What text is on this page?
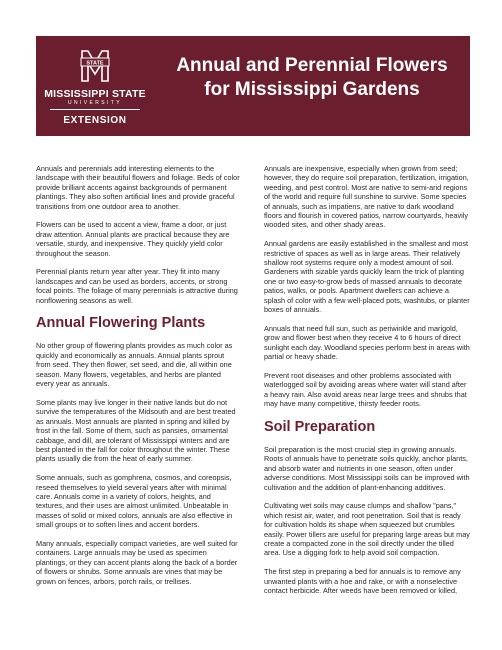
STATE
MISSISSIPPI STATE
UNIVERSITY
EXTENSION
Annual and Perennial Flowers
for Mississippi Gardens

Annuals and perennials add interesting elements to the landscape with their beautiful flowers and foliage. Beds of color provide brilliant accents against backgrounds of permanent plantings. They also soften artificial lines and provide graceful transitions from one outdoor area to another.

Flowers can be used to accent a view, frame a door, or just draw attention. Annual plants are practical because they are versatile, sturdy, and inexpensive. They quickly yield color throughout the season.

Perennial plants return year after year. They fit into many landscapes and can be used as borders, accents, or strong focal points. The foliage of many perennials is attractive during nonflowering seasons as well.

Annual Flowering Plants

No other group of flowering plants provides as much color as quickly and economically as annuals. Annual plants sprout from seed. They then flower, set seed, and die, all within one season. Many flowers, vegetables, and herbs are planted every year as annuals.

Some plants may live longer in their native lands but do not survive the temperatures of the Midsouth and are best treated as annuals. Most annuals are planted in spring and killed by frost in the fall. Some of them, such as pansies, ornamental cabbage, and dill, are tolerant of Mississippi winters and are best planted in the fall for color throughout the winter. These plants usually die from the heat of early summer.

Some annuals, such as gomphrena, cosmos, and coreopsis, reseed themselves to yield several years after with minimal care. Annuals come in a variety of colors, heights, and textures, and their uses are almost unlimited. Unbeatable in masses of solid or mixed colors, annuals are also effective in small groups or to soften lines and accent borders.

Many annuals, especially compact varieties, are well suited for containers. Large annuals may be used as specimen plantings, or they can accent plants along the back of a border of flowers or shrubs. Some annuals are vines that may be grown on fences, arbors, porch rails, or trellises.

Annuals are inexpensive, especially when grown from seed; however, they do require soil preparation, fertilization, irrigation, weeding, and pest control. Most are native to semi-arid regions of the world and require full sunshine to survive. Some species of annuals, such as impatiens, are native to dark woodland floors and flourish in covered patios, narrow courtyards, heavily wooded sites, and other shady areas.

Annual gardens are easily established in the smallest and most restrictive of spaces as well as in large areas. Their relatively shallow root systems require only a modest amount of soil. Gardeners with sizable yards quickly learn the trick of planting one or two easy-to-grow beds of massed annuals to decorate patios, walks, or pools. Apartment dwellers can achieve a splash of color with a few well-placed pots, washtubs, or planter boxes of annuals.

Annuals that need full sun, such as periwinkle and marigold, grow and flower best when they receive 4 to 6 hours of direct sunlight each day. Woodland species perform best in areas with partial or heavy shade.

Prevent root diseases and other problems associated with waterlogged soil by avoiding areas where water will stand after a heavy rain. Also avoid areas near large trees and shrubs that may have many competitive, thirsty feeder roots.

Soil Preparation

Soil preparation is the most crucial step in growing annuals. Roots of annuals have to penetrate soils quickly, anchor plants, and absorb water and nutrients in one season, often under adverse conditions. Most Mississippi soils can be improved with cultivation and the addition of plant-enhancing additives.

Cultivating wet soils may cause clumps and shallow "pans," which resist air, water, and root penetration. Soil that is ready for cultivation holds its shape when squeezed but crumbles easily. Power tillers are useful for preparing large areas but may create a compacted zone in the soil directly under the tilled area. Use a digging fork to help avoid soil compaction.

The first step in preparing a bed for annuals is to remove any unwanted plants with a hoe and rake, or with a nonselective contact herbicide. After weeds have been removed or killed,
